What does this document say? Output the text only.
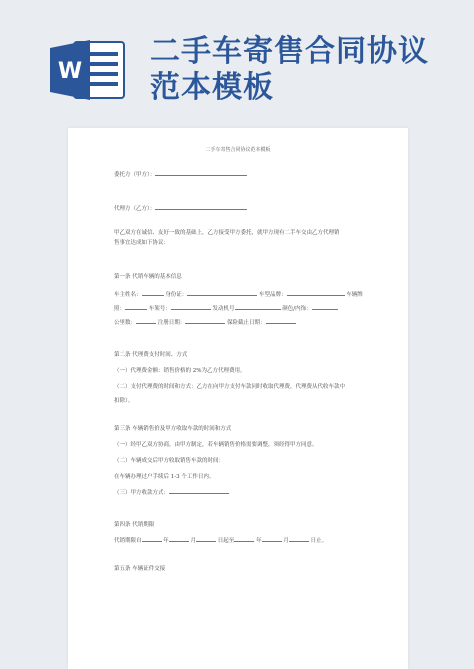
W
二手车寄售合同协议范本模板
二手车寄售合同协议范本模板
委托方（甲方）：
代理方（乙方）：
甲乙双方在诚信、友好一致的基础上，乙方接受甲方委托，就甲方现有二手车交由乙方代理销
售事宜达成如下协议：
第一条 代销车辆的基本信息
车主姓名：	身份证：	车型品牌：	车辆牌
照：	车架号：	发动机号	颜色/内饰：
公里数：	注册日期：	保险截止日期：
第二条 代理费支付时间、方式
（一）代理费金额：销售价格的 2%为乙方代理费用。
（二）支付代理费的时间和方式：乙方在向甲方支付车款同时收取代理费，代理费从代收车款中
扣除）。
第三条 车辆销售价及甲方收取车款的时间和方式
（一）经甲乙双方协商，由甲方制定，若车辆销售价格需要调整，须经得甲方同意。
（二）车辆成交后甲方收取销售车款的时间：
在车辆办理过户手续后 1-3 个工作日内。
（三）甲方收款方式：
第四条 代销期限
代销期限自	年	月	日起至	年	月	日止。
第五条 车辆证件交接
